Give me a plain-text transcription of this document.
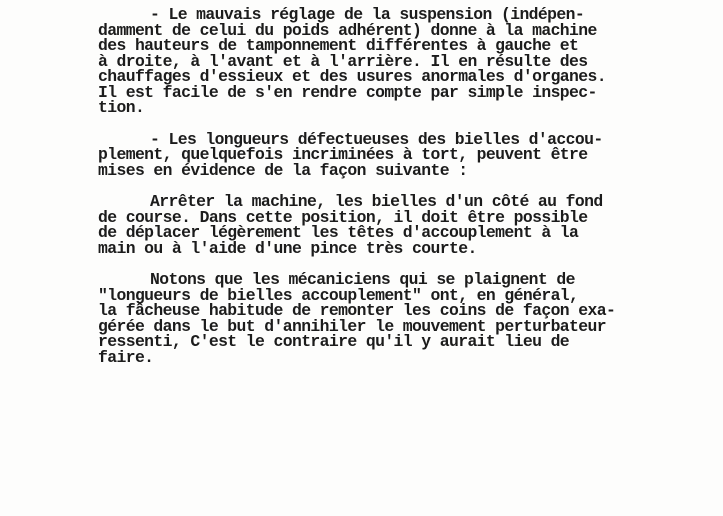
- Le mauvais réglage de la suspension (indépen-
damment de celui du poids adhérent) donne à la machine
des hauteurs de tamponnement différentes à gauche et
à droite, à l'avant et à l'arrière. Il en résulte des
chauffages d'essieux et des usures anormales d'organes.
Il est facile de s'en rendre compte par simple inspec-
tion.
- Les longueurs défectueuses des bielles d'accou-
plement, quelquefois incriminées à tort, peuvent être
mises en évidence de la façon suivante :
Arrêter la machine, les bielles d'un côté au fond
de course. Dans cette position, il doit être possible
de déplacer légèrement les têtes d'accouplement à la
main ou à l'aide d'une pince très courte.
Notons que les mécaniciens qui se plaignent de
"longueurs de bielles accouplement" ont, en général,
la fâcheuse habitude de remonter les coins de façon exa-
gérée dans le but d'annihiler le mouvement perturbateur
ressenti, C'est le contraire qu'il y aurait lieu de
faire.
